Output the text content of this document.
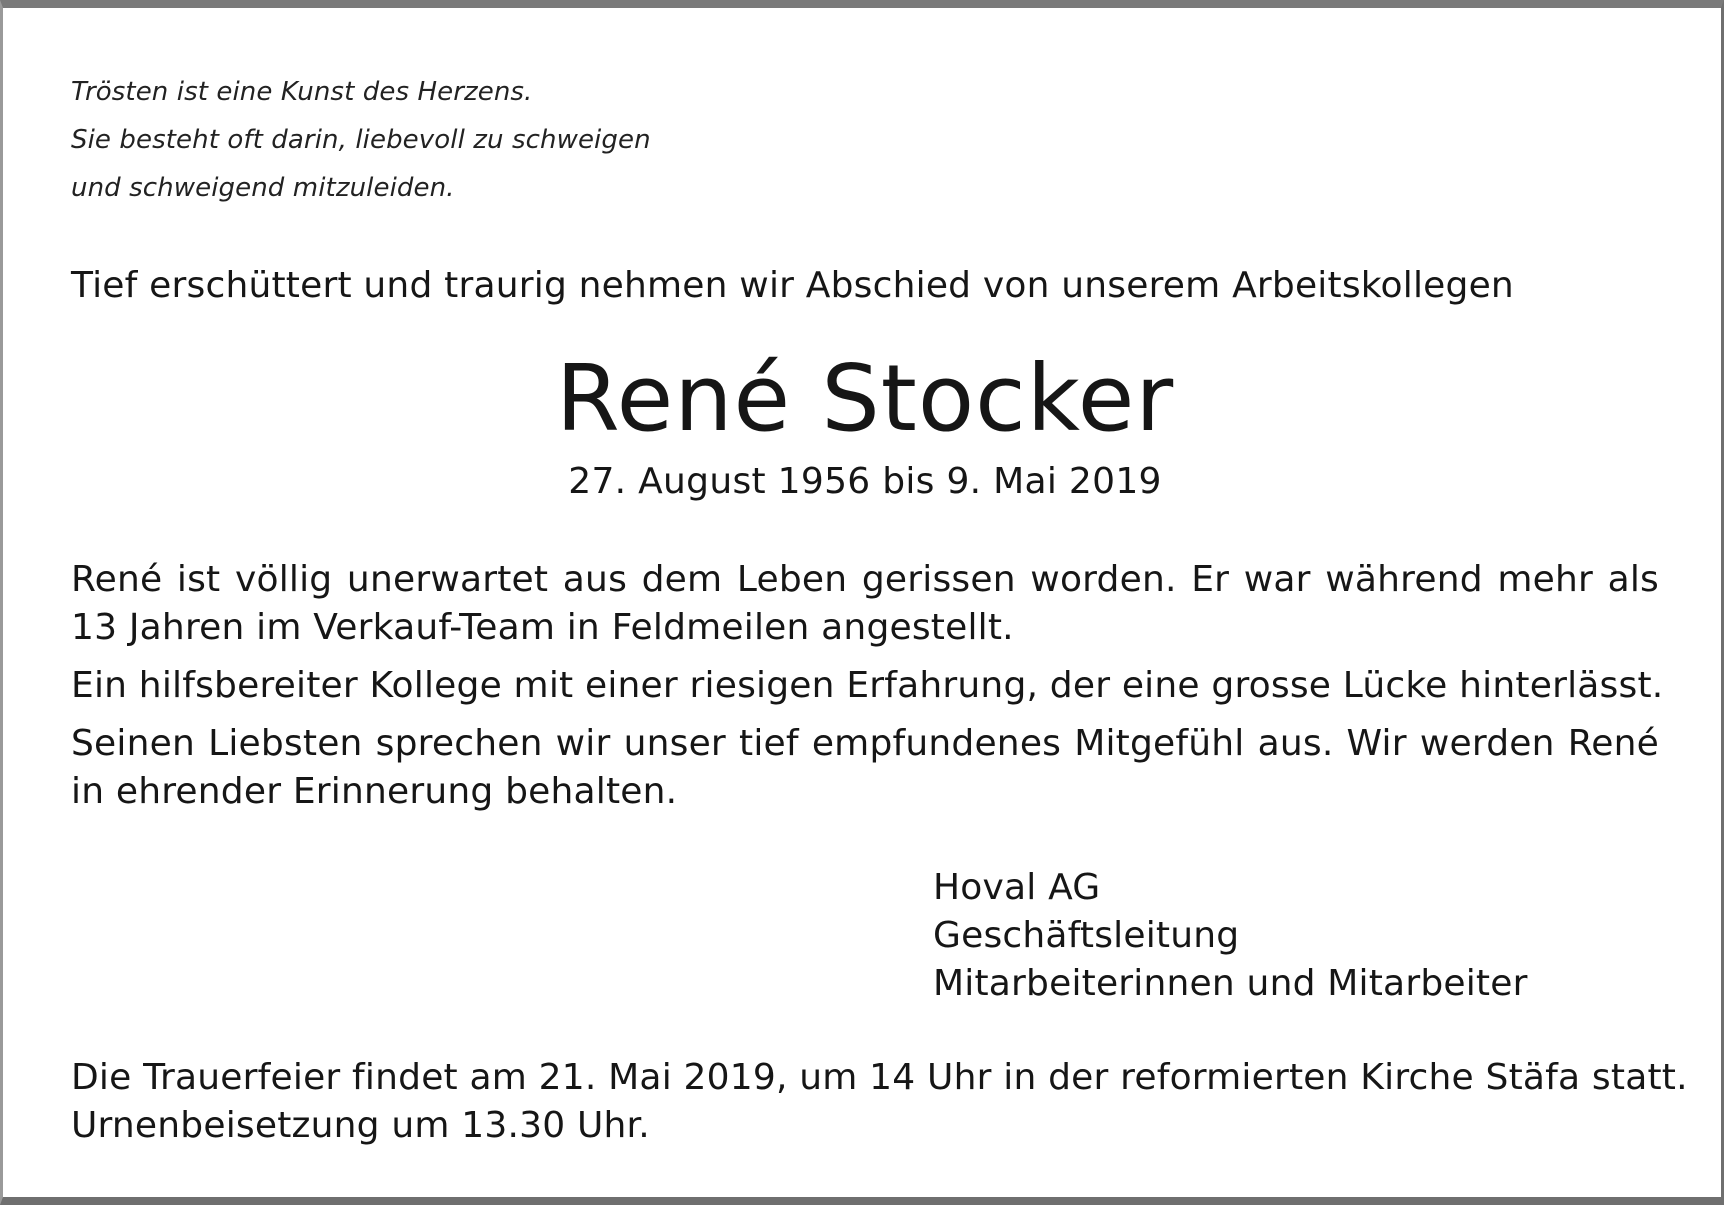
Trösten ist eine Kunst des Herzens.
Sie besteht oft darin, liebevoll zu schweigen
und schweigend mitzuleiden.
Tief erschüttert und traurig nehmen wir Abschied von unserem Arbeitskollegen
René Stocker
27. August 1956 bis 9. Mai 2019

René ist völlig unerwartet aus dem Leben gerissen worden. Er war während mehr als 13 Jahren im Verkauf-Team in Feldmeilen angestellt.

Ein hilfsbereiter Kollege mit einer riesigen Erfahrung, der eine grosse Lücke hinterlässt.

Seinen Liebsten sprechen wir unser tief empfundenes Mitgefühl aus. Wir werden René in ehrender Erinnerung behalten.

Hoval AG
Geschäftsleitung
Mitarbeiterinnen und Mitarbeiter
Die Trauerfeier findet am 21. Mai 2019, um 14 Uhr in der reformierten Kirche Stäfa statt.
Urnenbeisetzung um 13.30 Uhr.
